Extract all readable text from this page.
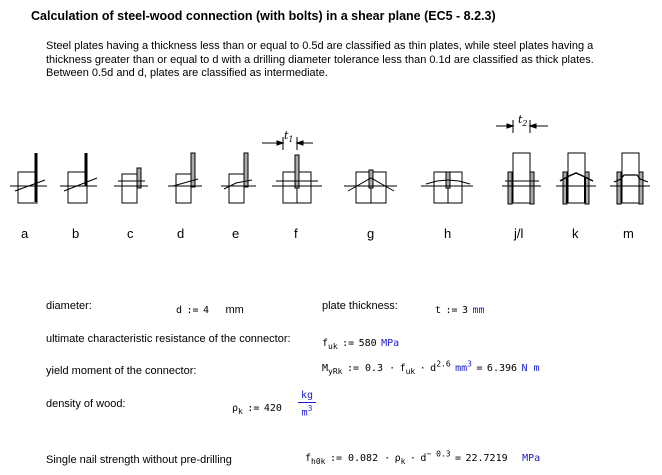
Calculation of steel-wood connection (with bolts) in a shear plane (EC5 - 8.2.3)
Steel plates having a thickness less than or equal to 0.5d are classified as thin plates, while steel plates having a
thickness greater than or equal to d with a drilling diameter tolerance less than 0.1d are classified as thick plates.
Between 0.5d and d, plates are classified as intermediate.
$t_1$
$t_2$
a	b	c	d	e	f	g	h	j/l	k	m
diameter:	d := 4 mm	plate thickness:	t := 3 mm
ultimate characteristic resistance of the connector:	$f_{uk}$ := 580 MPa
yield moment of the connector:	$M_{yRk}$ := $0.3 \cdot f_{uk} \cdot d^{2.6}$ $mm^3 = 6.396$ N m
density of wood:	$\rho_k$ := $420 \frac{kg}{m^3}$
Single nail strength without pre-drilling	$f_{h0k}$ := $0.082 \cdot \rho_k \cdot d^{- 0.3} = 22.7219$ MPa
